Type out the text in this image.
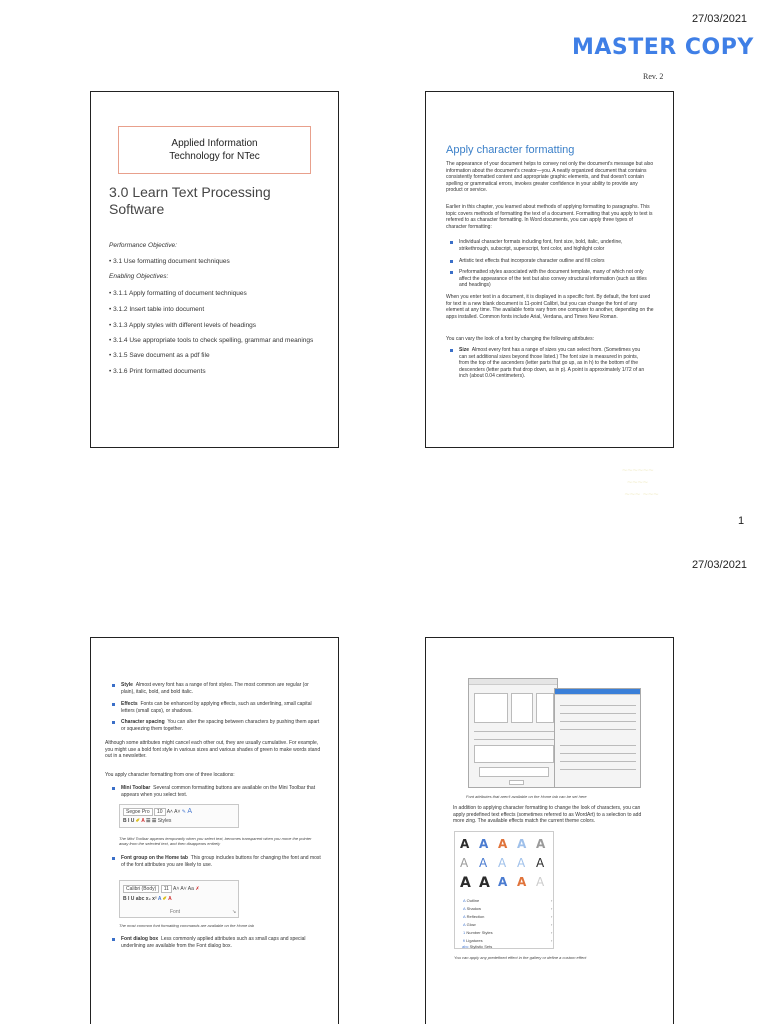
27/03/2021
MASTER COPY
Rev. 2
Applied Information
Technology for NTec
3.0 Learn Text Processing
Software
Performance Objective:
• 3.1 Use formatting document techniques
Enabling Objectives:
• 3.1.1 Apply formatting of document techniques
• 3.1.2 Insert table into document
• 3.1.3 Apply styles with different levels of headings
• 3.1.4 Use appropriate tools to check spelling, grammar and meanings
• 3.1.5 Save document as a pdf file
• 3.1.6 Print formatted documents
Apply character formatting
The appearance of your document helps to convey not only the document's message but also information about the document's creator—you. A neatly organized document that contains consistently formatted content and appropriate graphic elements, and that doesn't contain spelling or grammatical errors, invokes greater confidence in your ability to provide any product or service.
Earlier in this chapter, you learned about methods of applying formatting to paragraphs. This topic covers methods of formatting the text of a document. Formatting that you apply to text is referred to as character formatting. In Word documents, you can apply three types of character formatting:
Individual character formats including font, font size, bold, italic, underline, strikethrough, subscript, superscript, font color, and highlight color
Artistic text effects that incorporate character outline and fill colors
Preformatted styles associated with the document template, many of which not only affect the appearance of the text but also convey structural information (such as titles and headings)
When you enter text in a document, it is displayed in a specific font. By default, the font used for text in a new blank document is 11-point Calibri, but you can change the font of any element at any time. The available fonts vary from one computer to another, depending on the apps installed. Common fonts include Arial, Verdana, and Times New Roman.
You can vary the look of a font by changing the following attributes:
Size Almost every font has a range of sizes you can select from. (Sometimes you can set additional sizes beyond those listed.) The font size is measured in points, from the top of the ascenders (letter parts that go up, as in h) to the bottom of the descenders (letter parts that drop down, as in p). A point is approximately 1/72 of an inch (about 0.04 centimeters).
~~~~~~
~~~~
~~~ ~~~
1
27/03/2021
Style Almost every font has a range of font styles. The most common are regular (or plain), italic, bold, and bold italic.
Effects Fonts can be enhanced by applying effects, such as underlining, small capital letters (small caps), or shadows.
Character spacing You can alter the spacing between characters by pushing them apart or squeezing them together.
Although some attributes might cancel each other out, they are usually cumulative. For example, you might use a bold font style in various sizes and various shades of green to make words stand out in a newsletter.
You apply character formatting from one of three locations:
Mini Toolbar Several common formatting buttons are available on the Mini Toolbar that appears when you select text.
Segoe Pro 10 A˄ A˅ ✎ A
B I U ✐ A ☰ ☰ Styles
The Mini Toolbar appears temporarily when you select text, becomes transparent when you move the pointer away from the selected text, and then disappears entirely
Font group on the Home tab This group includes buttons for changing the font and most of the font attributes you are likely to use.
Calibri (Body) 11 A˄ A˅ Aa ✗
B I U abc x₂ x² A ✐ A
Font	↘
The most common font formatting commands are available on the Home tab
Font dialog box Less commonly applied attributes such as small caps and special underlining are available from the Font dialog box.
Font attributes that aren't available on the Home tab can be set here
In addition to applying character formatting to change the look of characters, you can apply predefined text effects (sometimes referred to as WordArt) to a selection to add more zing. The available effects match the current theme colors.
A A A A A
A A A A A
A A A A A
A Outline	›
A Shadow	›
A Reflection	›
A Glow	›
1 Number Styles	›
fi Ligatures	›
abc Stylistic Sets
You can apply any predefined effect in the gallery or define a custom effect
